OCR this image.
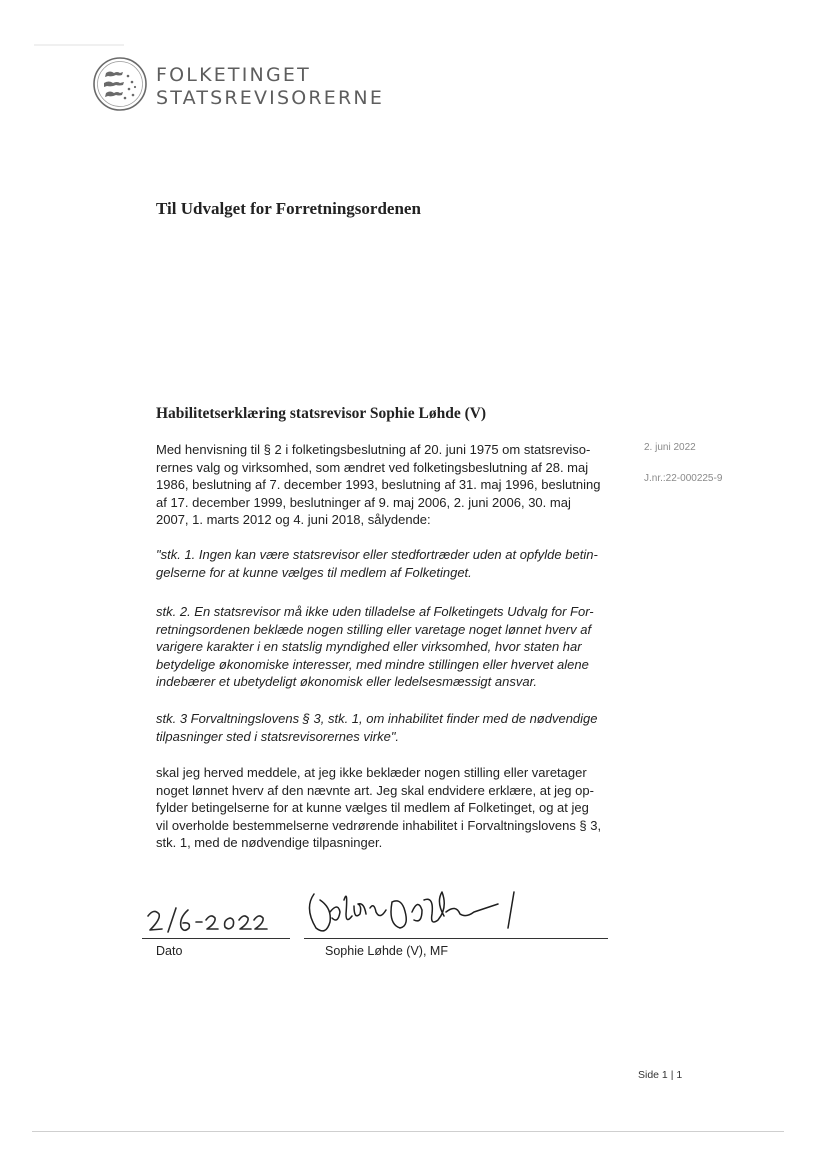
FOLKETINGET
STATSREVISORERNE
Til Udvalget for Forretningsordenen
Habilitetserklæring statsrevisor Sophie Løhde (V)
2. juni 2022
J.nr.:22-000225-9
Med henvisning til § 2 i folketingsbeslutning af 20. juni 1975 om statsreviso-
rernes valg og virksomhed, som ændret ved folketingsbeslutning af 28. maj
1986, beslutning af 7. december 1993, beslutning af 31. maj 1996, beslutning
af 17. december 1999, beslutninger af 9. maj 2006, 2. juni 2006, 30. maj
2007, 1. marts 2012 og 4. juni 2018, sålydende:
"stk. 1. Ingen kan være statsrevisor eller stedfortræder uden at opfylde betin-
gelserne for at kunne vælges til medlem af Folketinget.
stk. 2. En statsrevisor må ikke uden tilladelse af Folketingets Udvalg for For-
retningsordenen beklæde nogen stilling eller varetage noget lønnet hverv af
varigere karakter i en statslig myndighed eller virksomhed, hvor staten har
betydelige økonomiske interesser, med mindre stillingen eller hvervet alene
indebærer et ubetydeligt økonomisk eller ledelsesmæssigt ansvar.
stk. 3 Forvaltningslovens § 3, stk. 1, om inhabilitet finder med de nødvendige
tilpasninger sted i statsrevisorernes virke".
skal jeg herved meddele, at jeg ikke beklæder nogen stilling eller varetager
noget lønnet hverv af den nævnte art. Jeg skal endvidere erklære, at jeg op-
fylder betingelserne for at kunne vælges til medlem af Folketinget, og at jeg
vil overholde bestemmelserne vedrørende inhabilitet i Forvaltningslovens § 3,
stk. 1, med de nødvendige tilpasninger.
Dato	Sophie Løhde (V), MF
Side 1 | 1
